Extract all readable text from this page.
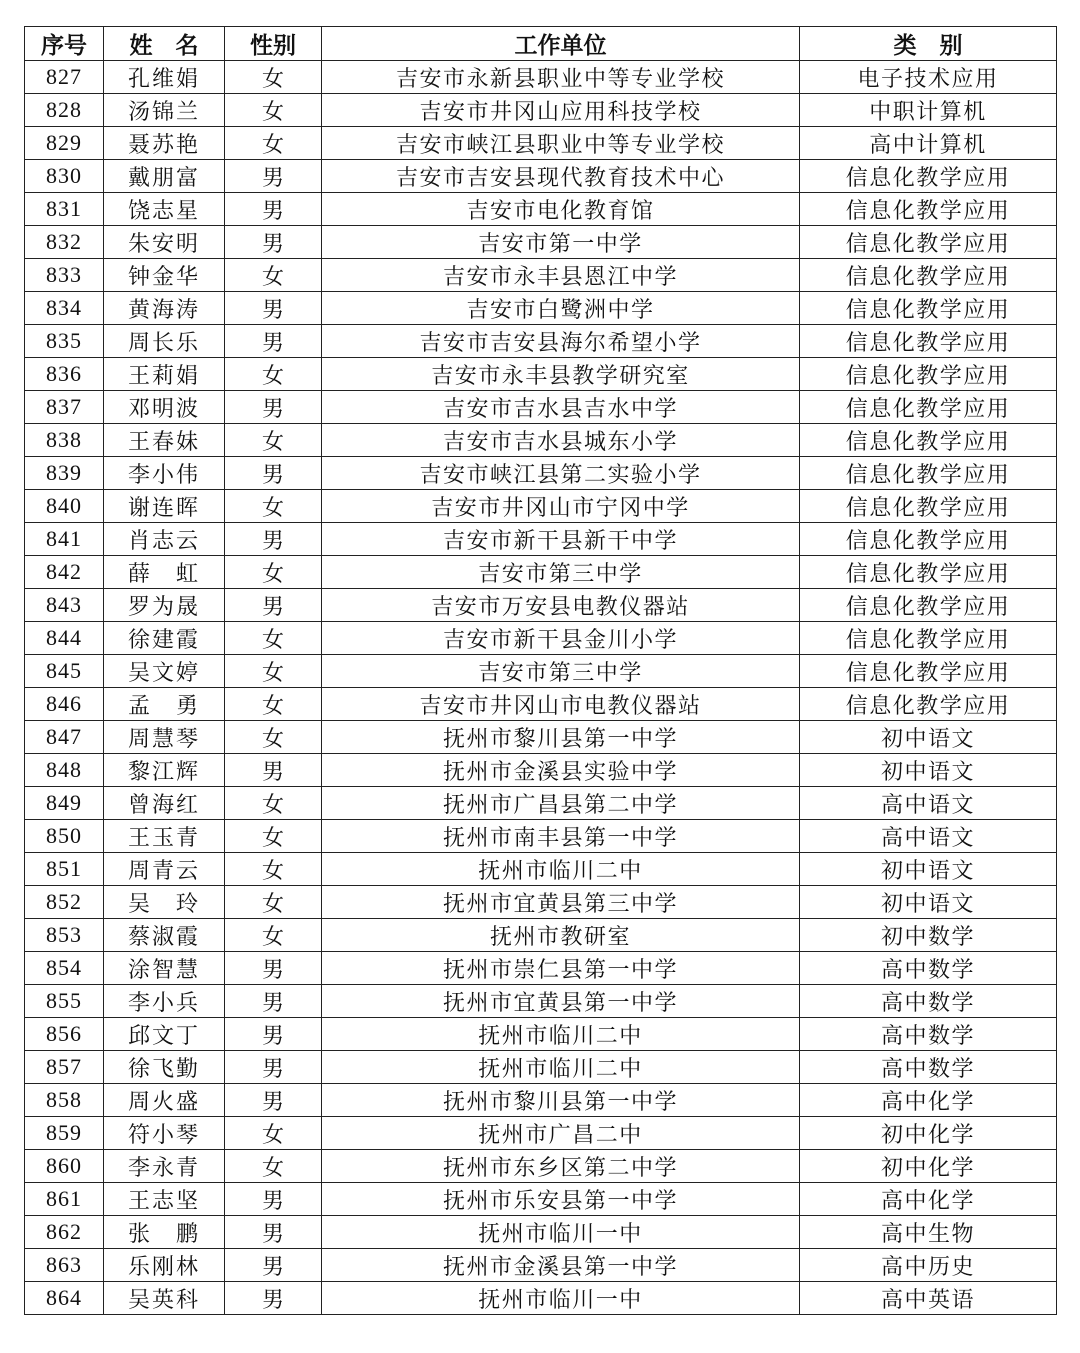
序号	姓　名	性别	工作单位	类　别
827	孔维娟	女	吉安市永新县职业中等专业学校	电子技术应用
828	汤锦兰	女	吉安市井冈山应用科技学校	中职计算机
829	聂苏艳	女	吉安市峡江县职业中等专业学校	高中计算机
830	戴朋富	男	吉安市吉安县现代教育技术中心	信息化教学应用
831	饶志星	男	吉安市电化教育馆	信息化教学应用
832	朱安明	男	吉安市第一中学	信息化教学应用
833	钟金华	女	吉安市永丰县恩江中学	信息化教学应用
834	黄海涛	男	吉安市白鹭洲中学	信息化教学应用
835	周长乐	男	吉安市吉安县海尔希望小学	信息化教学应用
836	王莉娟	女	吉安市永丰县教学研究室	信息化教学应用
837	邓明波	男	吉安市吉水县吉水中学	信息化教学应用
838	王春妹	女	吉安市吉水县城东小学	信息化教学应用
839	李小伟	男	吉安市峡江县第二实验小学	信息化教学应用
840	谢连晖	女	吉安市井冈山市宁冈中学	信息化教学应用
841	肖志云	男	吉安市新干县新干中学	信息化教学应用
842	薛　虹	女	吉安市第三中学	信息化教学应用
843	罗为晟	男	吉安市万安县电教仪器站	信息化教学应用
844	徐建霞	女	吉安市新干县金川小学	信息化教学应用
845	吴文婷	女	吉安市第三中学	信息化教学应用
846	孟　勇	女	吉安市井冈山市电教仪器站	信息化教学应用
847	周慧琴	女	抚州市黎川县第一中学	初中语文
848	黎江辉	男	抚州市金溪县实验中学	初中语文
849	曾海红	女	抚州市广昌县第二中学	高中语文
850	王玉青	女	抚州市南丰县第一中学	高中语文
851	周青云	女	抚州市临川二中	初中语文
852	吴　玲	女	抚州市宜黄县第三中学	初中语文
853	蔡淑霞	女	抚州市教研室	初中数学
854	涂智慧	男	抚州市崇仁县第一中学	高中数学
855	李小兵	男	抚州市宜黄县第一中学	高中数学
856	邱文丁	男	抚州市临川二中	高中数学
857	徐飞勤	男	抚州市临川二中	高中数学
858	周火盛	男	抚州市黎川县第一中学	高中化学
859	符小琴	女	抚州市广昌二中	初中化学
860	李永青	女	抚州市东乡区第二中学	初中化学
861	王志坚	男	抚州市乐安县第一中学	高中化学
862	张　鹏	男	抚州市临川一中	高中生物
863	乐刚林	男	抚州市金溪县第一中学	高中历史
864	吴英科	男	抚州市临川一中	高中英语
